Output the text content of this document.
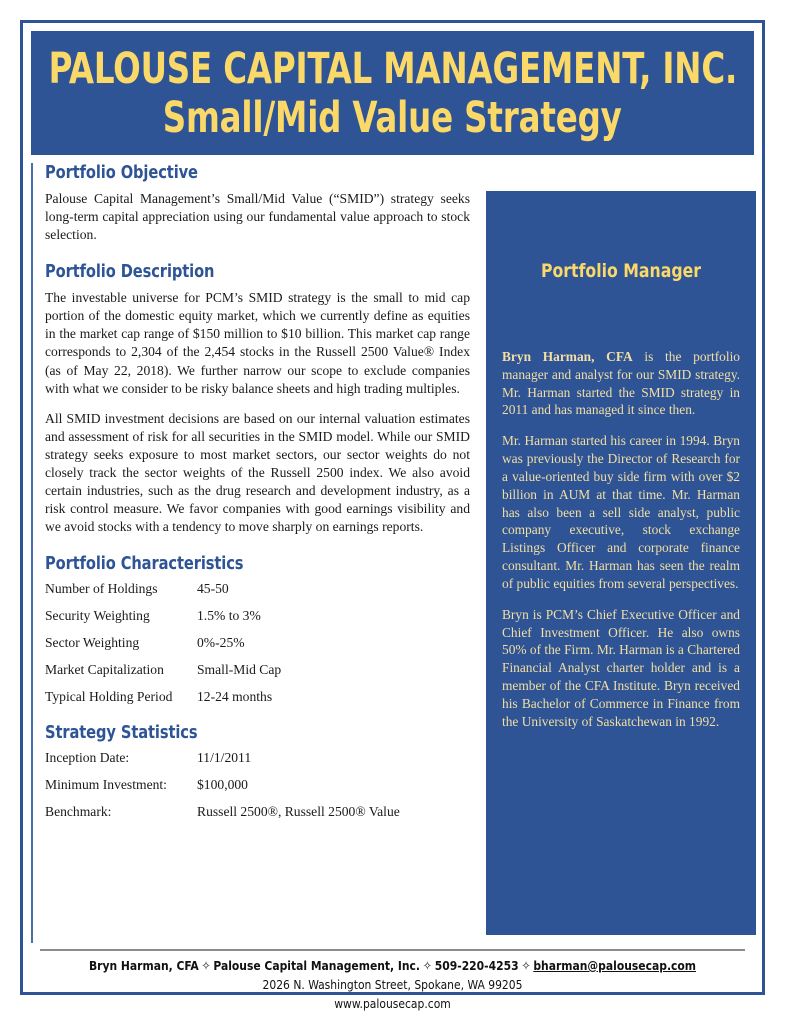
PALOUSE CAPITAL MANAGEMENT, INC.
Small/Mid Value Strategy
Portfolio Objective

Palouse Capital Management’s Small/Mid Value (“SMID”) strategy seeks long-term capital appreciation using our fundamental value approach to stock selection.

Portfolio Description

The investable universe for PCM’s SMID strategy is the small to mid cap portion of the domestic equity market, which we currently define as equities in the market cap range of $150 million to $10 billion. This market cap range corresponds to 2,304 of the 2,454 stocks in the Russell 2500 Value® Index (as of May 22, 2018). We further narrow our scope to exclude companies with what we consider to be risky balance sheets and high trading multiples.

All SMID investment decisions are based on our internal valuation estimates and assessment of risk for all securities in the SMID model. While our SMID strategy seeks exposure to most market sectors, our sector weights do not closely track the sector weights of the Russell 2500 index. We also avoid certain industries, such as the drug research and development industry, as a risk control measure. We favor companies with good earnings visibility and we avoid stocks with a tendency to move sharply on earnings reports.

Portfolio Characteristics
Number of Holdings	45-50
Security Weighting	1.5% to 3%
Sector Weighting	0%-25%
Market Capitalization	Small-Mid Cap
Typical Holding Period	12-24 months
Strategy Statistics
Inception Date:	11/1/2011
Minimum Investment:	$100,000
Benchmark:	Russell 2500®, Russell 2500® Value
Portfolio Manager

Bryn Harman, CFA is the portfolio manager and analyst for our SMID strategy. Mr. Harman started the SMID strategy in 2011 and has managed it since then.

Mr. Harman started his career in 1994. Bryn was previously the Director of Research for a value-oriented buy side firm with over $2 billion in AUM at that time. Mr. Harman has also been a sell side analyst, public company executive, stock exchange Listings Officer and corporate finance consultant. Mr. Harman has seen the realm of public equities from several perspectives.

Bryn is PCM’s Chief Executive Officer and Chief Investment Officer. He also owns 50% of the Firm. Mr. Harman is a Chartered Financial Analyst charter holder and is a member of the CFA Institute. Bryn received his Bachelor of Commerce in Finance from the University of Saskatchewan in 1992.

Bryn Harman, CFA ✧ Palouse Capital Management, Inc. ✧ 509-220-4253 ✧ bharman@palousecap.com
2026 N. Washington Street, Spokane, WA 99205
www.palousecap.com
